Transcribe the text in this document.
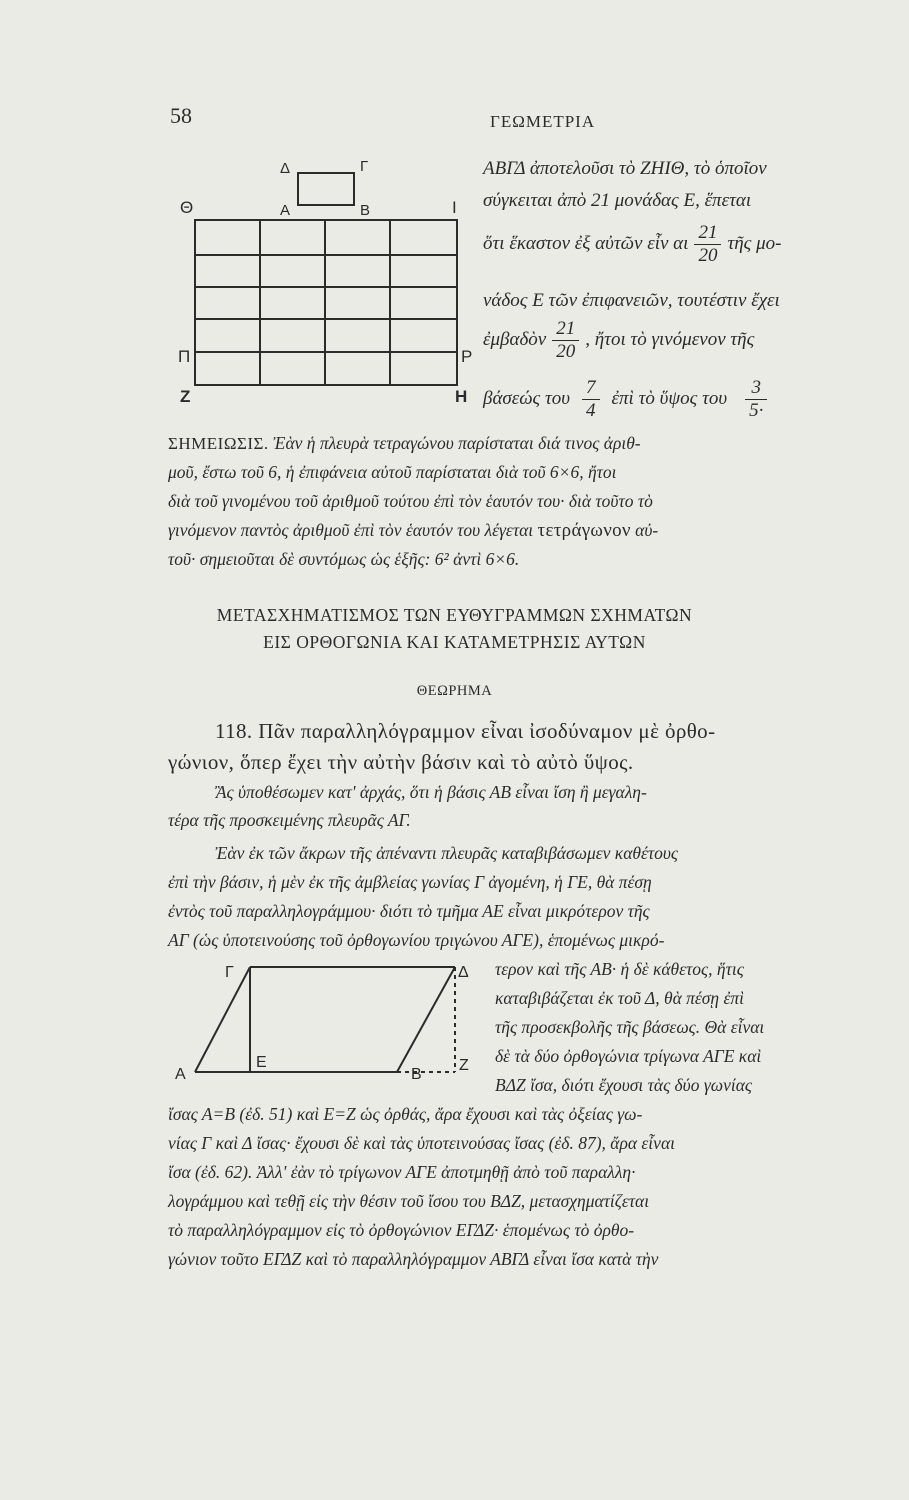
58	ΓΕΩΜΕΤΡΙΑ
Δ	Γ
Α	Β
Θ	Ι
Π	Ρ
Ζ	Η
ΑΒΓΔ ἀποτελοῦσι τὸ ΖΗΙΘ, τὸ ὁποῖον
σύγκειται ἀπὸ 21 μονάδας Ε, ἕπεται
ὅτι ἕκαστον ἐξ αὐτῶν εἶν αι $\frac{21}{20}$ τῆς μο-
νάδος Ε τῶν ἐπιφανειῶν, τουτέστιν ἔχει
ἐμβαδὸν $\frac{21}{20}$ , ἤτοι τὸ γινόμενον τῆς
βάσεώς του $\frac{7}{4}$ ἐπὶ τὸ ὕψος του $\frac{3}{5\cdot}$
ΣΗΜΕΙΩΣΙΣ. Ἐὰν ἡ πλευρὰ τετραγώνου παρίσταται διά τινος ἀριθ-
μοῦ, ἔστω τοῦ 6, ἡ ἐπιφάνεια αὐτοῦ παρίσταται διὰ τοῦ 6×6, ἤτοι
διὰ τοῦ γινομένου τοῦ ἀριθμοῦ τούτου ἐπὶ τὸν ἑαυτόν του· διὰ τοῦτο τὸ
γινόμενον παντὸς ἀριθμοῦ ἐπὶ τὸν ἑαυτόν του λέγεται τετράγωνον αὐ-
τοῦ· σημειοῦται δὲ συντόμως ὡς ἑξῆς: 6² ἀντὶ 6×6.
ΜΕΤΑΣΧΗΜΑΤΙΣΜΟΣ ΤΩΝ ΕΥΘΥΓΡΑΜΜΩΝ ΣΧΗΜΑΤΩΝ
ΕΙΣ ΟΡΘΟΓΩΝΙΑ ΚΑΙ ΚΑΤΑΜΕΤΡΗΣΙΣ ΑΥΤΩΝ
ΘΕΩΡΗΜΑ
118. Πᾶν παραλληλόγραμμον εἶναι ἰσοδύναμον μὲ ὀρθο-
γώνιον, ὅπερ ἔχει τὴν αὐτὴν βάσιν καὶ τὸ αὐτὸ ὕψος.
Ἂς ὑποθέσωμεν κατ' ἀρχάς, ὅτι ἡ βάσις ΑΒ εἶναι ἴση ἢ μεγαλη-
τέρα τῆς προσκειμένης πλευρᾶς ΑΓ.
Ἐὰν ἐκ τῶν ἄκρων τῆς ἀπέναντι πλευρᾶς καταβιβάσωμεν καθέτους
ἐπὶ τὴν βάσιν, ἡ μὲν ἐκ τῆς ἀμβλείας γωνίας Γ ἀγομένη, ἡ ΓΕ, θὰ πέσῃ
ἐντὸς τοῦ παραλληλογράμμου· διότι τὸ τμῆμα ΑΕ εἶναι μικρότερον τῆς
ΑΓ (ὡς ὑποτεινούσης τοῦ ὀρθογωνίου τριγώνου ΑΓΕ), ἑπομένως μικρό-
Γ	Δ
Α
Ε
Β
Ζ
τερον καὶ τῆς ΑΒ· ἡ δὲ κάθετος, ἥτις
καταβιβάζεται ἐκ τοῦ Δ, θὰ πέσῃ ἐπὶ
τῆς προσεκβολῆς τῆς βάσεως. Θὰ εἶναι
δὲ τὰ δύο ὀρθογώνια τρίγωνα ΑΓΕ καὶ
ΒΔΖ ἴσα, διότι ἔχουσι τὰς δύο γωνίας
ἴσας Α=Β (ἐδ. 51) καὶ Ε=Ζ ὡς ὀρθάς, ἄρα ἔχουσι καὶ τὰς ὀξείας γω-
νίας Γ καὶ Δ ἴσας· ἔχουσι δὲ καὶ τὰς ὑποτεινούσας ἴσας (ἐδ. 87), ἄρα εἶναι
ἴσα (ἐδ. 62). Ἀλλ' ἐὰν τὸ τρίγωνον ΑΓΕ ἀποτμηθῇ ἀπὸ τοῦ παραλλη·
λογράμμου καὶ τεθῇ εἰς τὴν θέσιν τοῦ ἴσου του ΒΔΖ, μετασχηματίζεται
τὸ παραλληλόγραμμον εἰς τὸ ὀρθογώνιον ΕΓΔΖ· ἑπομένως τὸ ὀρθο-
γώνιον τοῦτο ΕΓΔΖ καὶ τὸ παραλληλόγραμμον ΑΒΓΔ εἶναι ἴσα κατὰ τὴν
